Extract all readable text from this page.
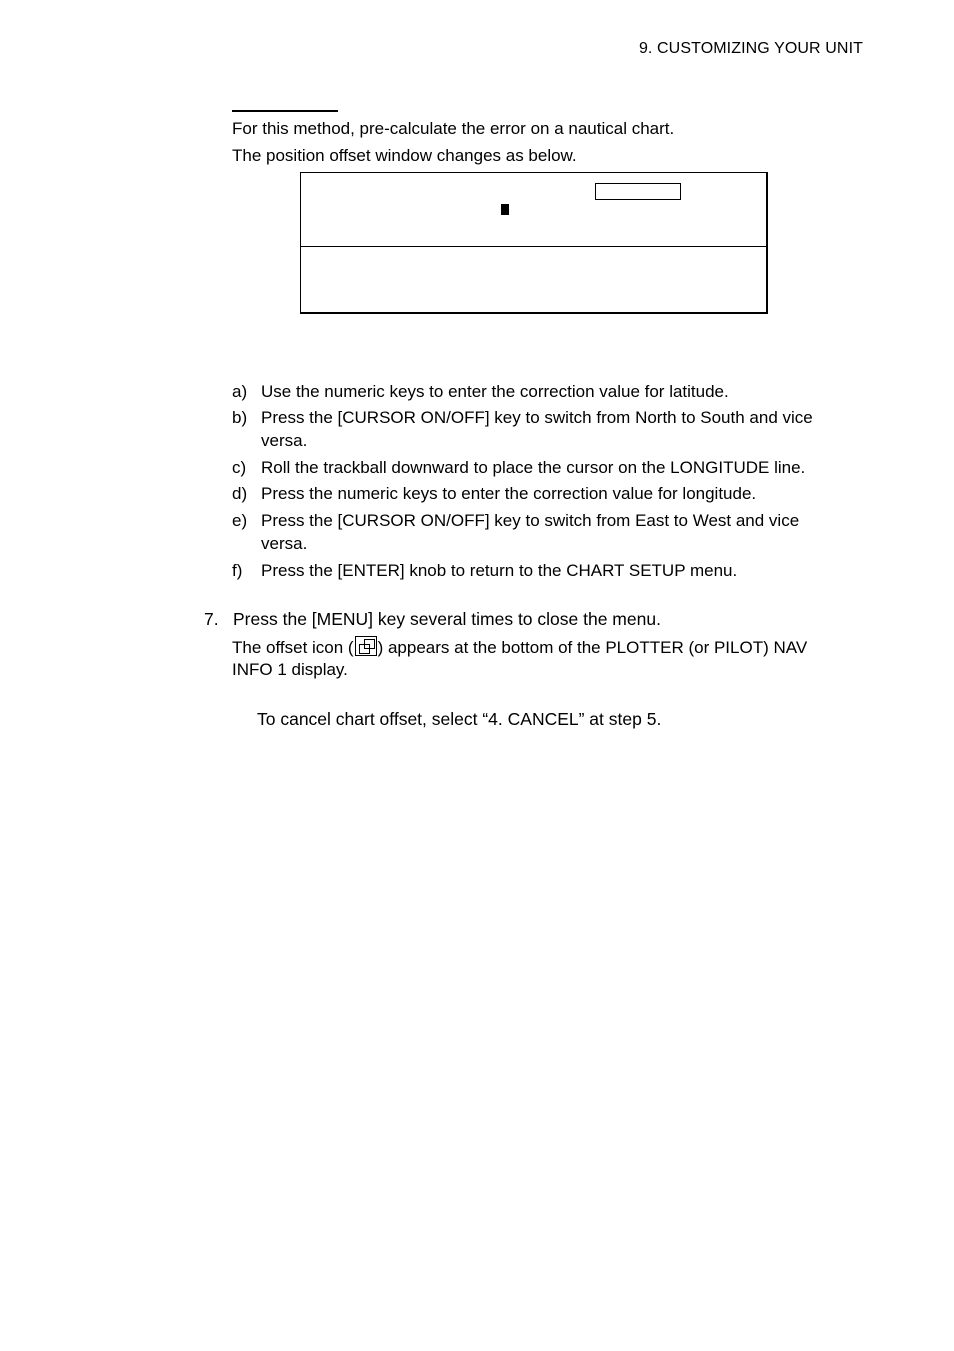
9. CUSTOMIZING YOUR UNIT
For this method, pre-calculate the error on a nautical chart.
The position offset window changes as below.
a) Use the numeric keys to enter the correction value for latitude.
b) Press the [CURSOR ON/OFF] key to switch from North to South and vice versa.
c) Roll the trackball downward to place the cursor on the LONGITUDE line.
d) Press the numeric keys to enter the correction value for longitude.
e) Press the [CURSOR ON/OFF] key to switch from East to West and vice versa.
f) Press the [ENTER] knob to return to the CHART SETUP menu.
7. Press the [MENU] key several times to close the menu.
The offset icon ( ) appears at the bottom of the PLOTTER (or PILOT) NAV
INFO 1 display.
To cancel chart offset, select “4. CANCEL” at step 5.
